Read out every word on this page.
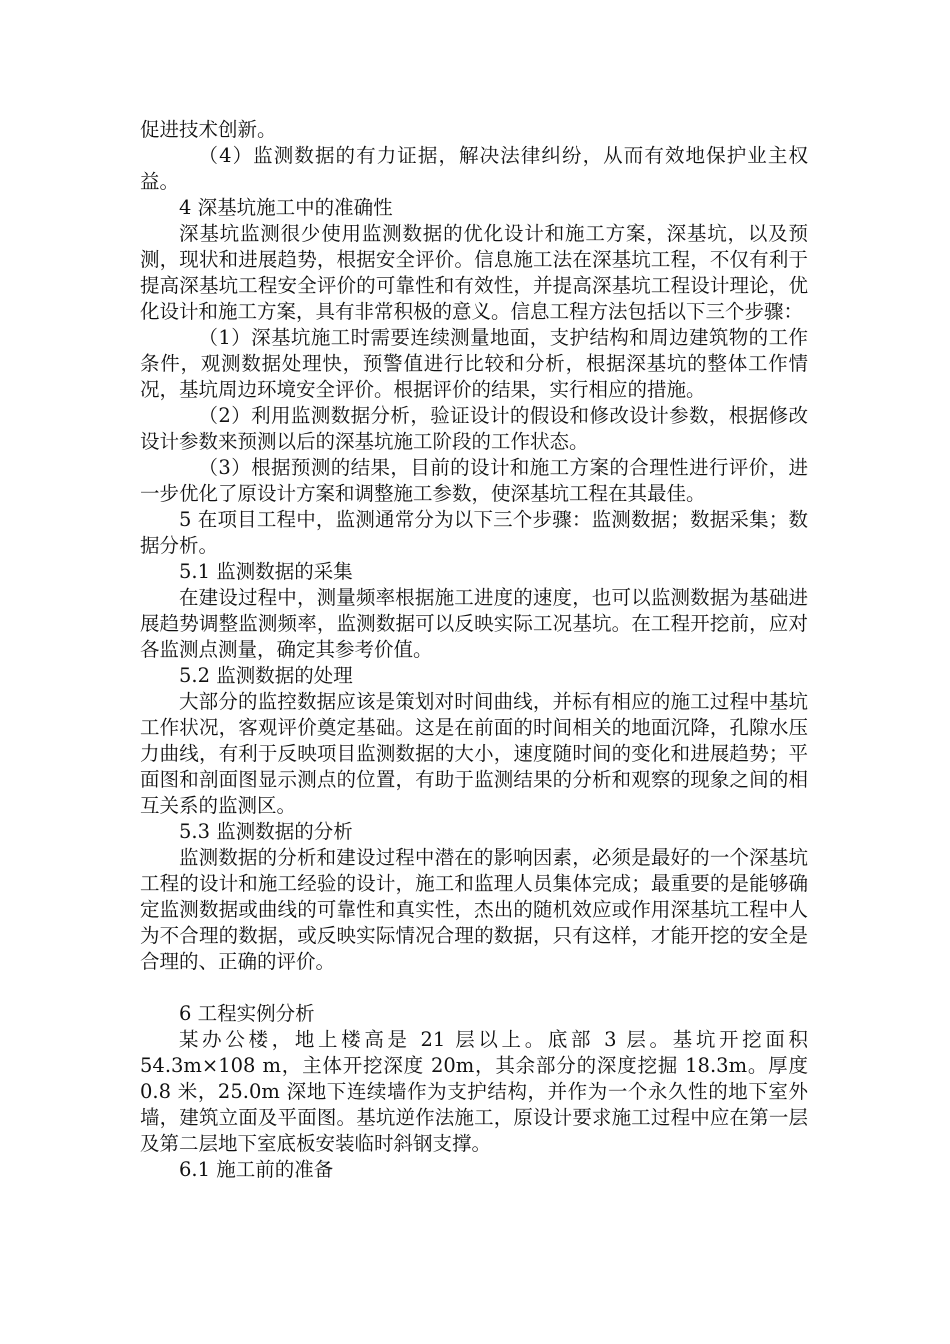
促进技术创新。

（4）监测数据的有力证据，解决法律纠纷，从而有效地保护业主权益。

4 深基坑施工中的准确性

深基坑监测很少使用监测数据的优化设计和施工方案，深基坑，以及预测，现状和进展趋势，根据安全评价。信息施工法在深基坑工程，不仅有利于提高深基坑工程安全评价的可靠性和有效性，并提高深基坑工程设计理论，优化设计和施工方案，具有非常积极的意义。信息工程方法包括以下三个步骤：

（1）深基坑施工时需要连续测量地面，支护结构和周边建筑物的工作条件，观测数据处理快，预警值进行比较和分析，根据深基坑的整体工作情况，基坑周边环境安全评价。根据评价的结果，实行相应的措施。

（2）利用监测数据分析，验证设计的假设和修改设计参数，根据修改设计参数来预测以后的深基坑施工阶段的工作状态。

（3）根据预测的结果，目前的设计和施工方案的合理性进行评价，进一步优化了原设计方案和调整施工参数，使深基坑工程在其最佳。

5 在项目工程中，监测通常分为以下三个步骤：监测数据；数据采集；数据分析。

5.1 监测数据的采集

在建设过程中，测量频率根据施工进度的速度，也可以监测数据为基础进展趋势调整监测频率，监测数据可以反映实际工况基坑。在工程开挖前，应对各监测点测量，确定其参考价值。

5.2 监测数据的处理

大部分的监控数据应该是策划对时间曲线，并标有相应的施工过程中基坑工作状况，客观评价奠定基础。这是在前面的时间相关的地面沉降，孔隙水压力曲线，有利于反映项目监测数据的大小，速度随时间的变化和进展趋势；平面图和剖面图显示测点的位置，有助于监测结果的分析和观察的现象之间的相互关系的监测区。

5.3 监测数据的分析

监测数据的分析和建设过程中潜在的影响因素，必须是最好的一个深基坑工程的设计和施工经验的设计，施工和监理人员集体完成；最重要的是能够确定监测数据或曲线的可靠性和真实性，杰出的随机效应或作用深基坑工程中人为不合理的数据，或反映实际情况合理的数据，只有这样，才能开挖的安全是合理的、正确的评价。

6 工程实例分析

某办公楼，地上楼高是 21 层以上。底部 3 层。基坑开挖面积 54.3m×108 m，主体开挖深度 20m，其余部分的深度挖掘 18.3m。厚度 0.8 米，25.0m 深地下连续墙作为支护结构，并作为一个永久性的地下室外墙，建筑立面及平面图。基坑逆作法施工，原设计要求施工过程中应在第一层及第二层地下室底板安装临时斜钢支撑。

6.1 施工前的准备
